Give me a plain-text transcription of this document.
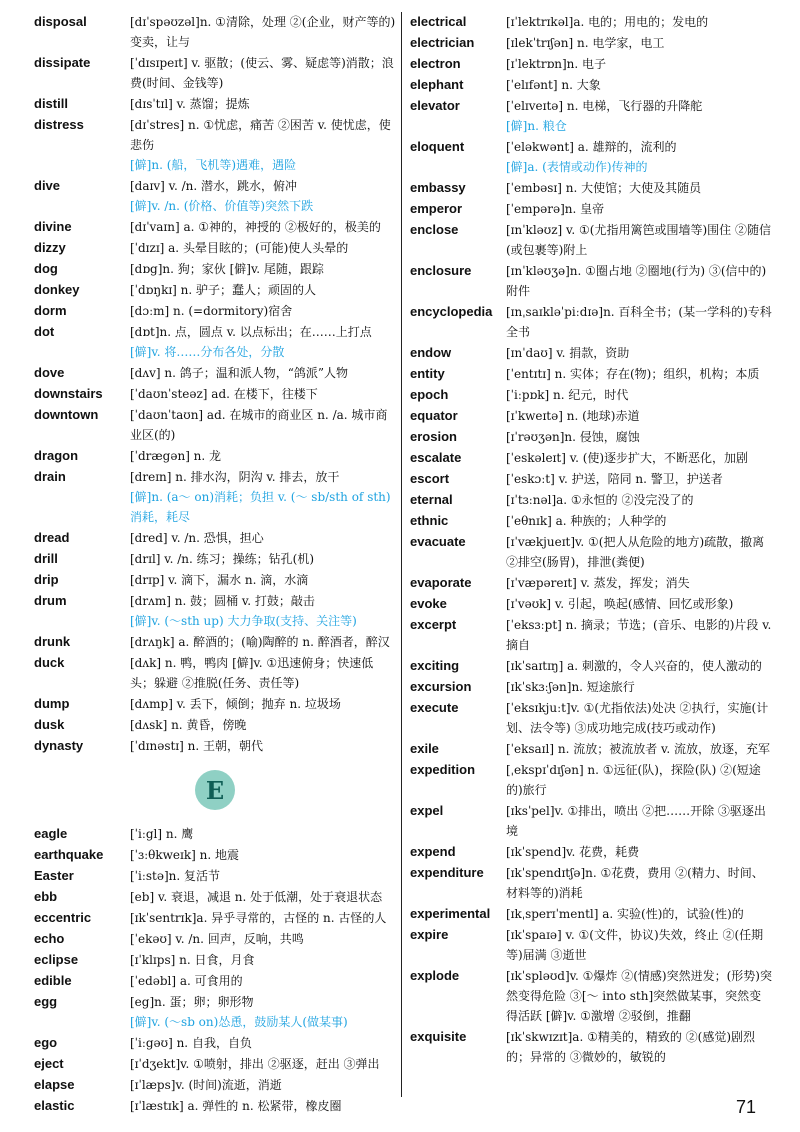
disposal	[dɪˈspəʊzəl]n. ①清除，处理 ②(企业，财产等的)变卖，让与
dissipate	[ˈdɪsɪpeɪt] v. 驱散；(使云、雾、疑虑等)消散；浪费(时间、金钱等)
distill	[dɪsˈtɪl] v. 蒸馏；提炼
distress	[dɪˈstres] n. ①忧虑，痛苦 ②困苦 v. 使忧虑，使悲伤
[僻]n. (船，飞机等)遇难，遇险
dive	[daɪv] v. /n. 潜水，跳水，俯冲
[僻]v. /n. (价格、价值等)突然下跌
divine	[dɪˈvaɪn] a. ①神的，神授的 ②极好的，极美的
dizzy	[ˈdɪzɪ] a. 头晕目眩的；(可能)使人头晕的
dog	[dɒg]n. 狗；家伙 [僻]v. 尾随，跟踪
donkey	[ˈdɒŋkɪ] n. 驴子；蠢人；顽固的人
dorm	[dɔːm] n. (=dormitory)宿舍
dot	[dɒt]n. 点，圆点 v. 以点标出；在……上打点
[僻]v. 将……分布各处，分散
dove	[dʌv] n. 鸽子；温和派人物，“鸽派”人物
downstairs [ˈdaʊnˈsteəz] ad. 在楼下，往楼下
downtown	[ˈdaʊnˈtaʊn] ad. 在城市的商业区 n. /a. 城市商业区(的)
dragon	[ˈdrægən] n. 龙
drain	[dreɪn] n. 排水沟，阴沟 v. 排去，放干
[僻]n. (a～ on)消耗；负担 v. (～ sb/sth of sth)消耗，耗尽
dread	[dred] v. /n. 恐惧，担心
drill	[drɪl] v. /n. 练习；操练；钻孔(机)
drip	[drɪp] v. 滴下，漏水 n. 滴，水滴
drum	[drʌm] n. 鼓；圆桶 v. 打鼓；敲击
[僻]v. (～sth up) 大力争取(支持、关注等)
drunk	[drʌŋk] a. 醉酒的；(喻)陶醉的 n. 醉酒者，醉汉
duck	[dʌk] n. 鸭，鸭肉 [僻]v. ①迅速俯身；快速低头；躲避 ②推脱(任务、责任等)
dump	[dʌmp] v. 丢下，倾倒；抛弃 n. 垃圾场
dusk	[dʌsk] n. 黄昏，傍晚
dynasty	[ˈdɪnəstɪ] n. 王朝，朝代
E
eagle	[ˈiːgl] n. 鹰
earthquake [ˈɜːθkweɪk] n. 地震
Easter	[ˈiːstə]n. 复活节
ebb	[eb] v. 衰退，减退 n. 处于低潮，处于衰退状态
eccentric	[ɪkˈsentrɪk]a. 异乎寻常的，古怪的 n. 古怪的人
echo	[ˈekəʊ] v. /n. 回声，反响，共鸣
eclipse	[ɪˈklɪps] n. 日食，月食
edible	[ˈedəbl] a. 可食用的
egg	[eg]n. 蛋；卵；卵形物
[僻]v. (～sb on)怂恿，鼓励某人(做某事)
ego	[ˈiːgəʊ] n. 自我，自负
eject	[ɪˈdʒekt]v. ①喷射，排出 ②驱逐，赶出 ③弹出
elapse	[ɪˈlæps]v. (时间)流逝，消逝
elastic	[ɪˈlæstɪk] a. 弹性的 n. 松紧带，橡皮圈
electrical	[ɪˈlektrɪkəl]a. 电的；用电的；发电的
electrician	[ɪlekˈtrɪʃən] n. 电学家，电工
electron	[ɪˈlektrɒn]n. 电子
elephant	[ˈelɪfənt] n. 大象
elevator	[ˈelɪveɪtə] n. 电梯，飞行器的升降舵
[僻]n. 粮仓
eloquent	[ˈeləkwənt] a. 雄辩的，流利的
[僻]a. (表情或动作)传神的
embassy	[ˈembəsɪ] n. 大使馆；大使及其随员
emperor	[ˈempərə]n. 皇帝
enclose	[ɪnˈkləʊz] v. ①(尤指用篱笆或围墙等)围住 ②随信(或包裹等)附上
enclosure	[ɪnˈkləʊʒə]n. ①圈占地 ②圈地(行为) ③(信中的)附件
encyclopedia [ɪnˌsaɪkləˈpiːdɪə]n. 百科全书；(某一学科的)专科全书
endow	[ɪnˈdaʊ] v. 捐款，资助
entity	[ˈentɪtɪ] n. 实体；存在(物)；组织，机构；本质
epoch	[ˈiːpɒk] n. 纪元，时代
equator	[ɪˈkweɪtə] n. (地球)赤道
erosion	[ɪˈrəʊʒən]n. 侵蚀，腐蚀
escalate	[ˈeskəleɪt] v. (使)逐步扩大，不断恶化，加剧
escort	[ˈeskɔːt] v. 护送，陪同 n. 警卫，护送者
eternal	[ɪˈtɜːnəl]a. ①永恒的 ②没完没了的
ethnic	[ˈeθnɪk] a. 种族的；人种学的
evacuate	[ɪˈvækjueɪt]v. ①(把人从危险的地方)疏散，撤离 ②排空(肠胃)，排泄(粪便)
evaporate	[ɪˈvæpəreɪt] v. 蒸发，挥发；消失
evoke	[ɪˈvəʊk] v. 引起，唤起(感情、回忆或形象)
excerpt	[ˈeksɜːpt] n. 摘录；节选；(音乐、电影的)片段 v. 摘自
exciting	[ɪkˈsaɪtɪŋ] a. 刺激的，令人兴奋的，使人激动的
excursion	[ɪkˈskɜːʃən]n. 短途旅行
execute	[ˈeksɪkjuːt]v. ①(尤指依法)处决 ②执行，实施(计划、法令等) ③成功地完成(技巧或动作)
exile	[ˈeksaɪl] n. 流放；被流放者 v. 流放，放逐，充军
expedition	[ˌekspɪˈdɪʃən] n. ①远征(队)，探险(队) ②(短途的)旅行
expel	[ɪksˈpel]v. ①排出，喷出 ②把……开除 ③驱逐出境
expend	[ɪkˈspend]v. 花费，耗费
expenditure [ɪkˈspendɪtʃə]n. ①花费，费用 ②(精力、时间、材料等的)消耗
experimental [ɪkˌsperɪˈmentl] a. 实验(性)的，试验(性)的
expire	[ɪkˈspaɪə] v. ①(文件，协议)失效，终止 ②(任期等)届满 ③逝世
explode	[ɪkˈspləʊd]v. ①爆炸 ②(情感)突然迸发；(形势)突然变得危险 ③[～ into sth]突然做某事，突然变得活跃 [僻]v. ①激增 ②驳倒，推翻
exquisite	[ɪkˈskwɪzɪt]a. ①精美的，精致的 ②(感觉)剧烈的；异常的 ③微妙的，敏锐的
71
